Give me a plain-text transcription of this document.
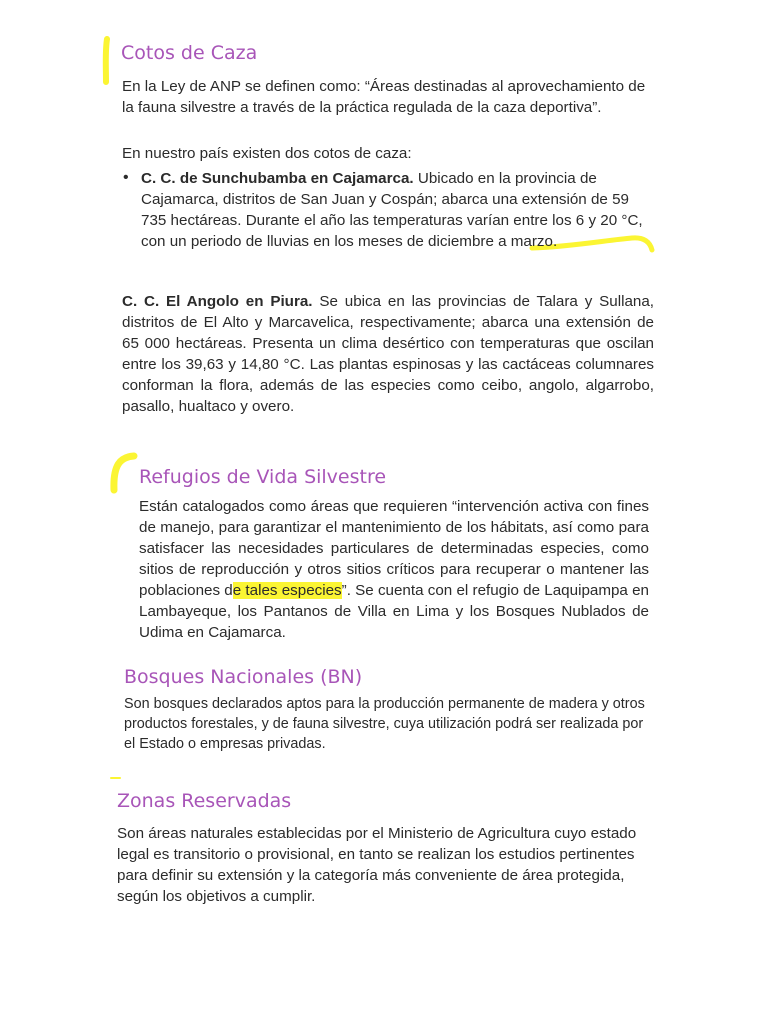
Cotos de Caza

En la Ley de ANP se definen como: “Áreas destinadas al aprovechamiento de la fauna silvestre a través de la práctica regulada de la caza deportiva”.

En nuestro país existen dos cotos de caza:

• C. C. de Sunchubamba en Cajamarca. Ubicado en la provincia de Cajamarca, distritos de San Juan y Cospán; abarca una extensión de 59 735 hectáreas. Durante el año las temperaturas varían entre los 6 y 20 °C, con un periodo de lluvias en los meses de diciembre a marzo.

C. C. El Angolo en Piura. Se ubica en las provincias de Talara y Sullana, distritos de El Alto y Marcavelica, respectivamente; abarca una extensión de 65 000 hectáreas. Presenta un clima desértico con temperaturas que oscilan entre los 39,63 y 14,80 °C. Las plantas espinosas y las cactáceas columnares conforman la flora, además de las especies como ceibo, angolo, algarrobo, pasallo, hualtaco y overo.

Refugios de Vida Silvestre

Están catalogados como áreas que requieren “intervención activa con fines de manejo, para garantizar el mantenimiento de los hábitats, así como para satisfacer las necesidades particulares de determinadas especies, como sitios de reproducción y otros sitios críticos para recuperar o mantener las poblaciones de tales especies”. Se cuenta con el refugio de Laquipampa en Lambayeque, los Pantanos de Villa en Lima y los Bosques Nublados de Udima en Cajamarca.

Bosques Nacionales (BN)

Son bosques declarados aptos para la producción permanente de madera y otros productos forestales, y de fauna silvestre, cuya utilización podrá ser realizada por el Estado o empresas privadas.

Zonas Reservadas

Son áreas naturales establecidas por el Ministerio de Agricultura cuyo estado legal es transitorio o provisional, en tanto se realizan los estudios pertinentes para definir su extensión y la categoría más conveniente de área protegida, según los objetivos a cumplir.
